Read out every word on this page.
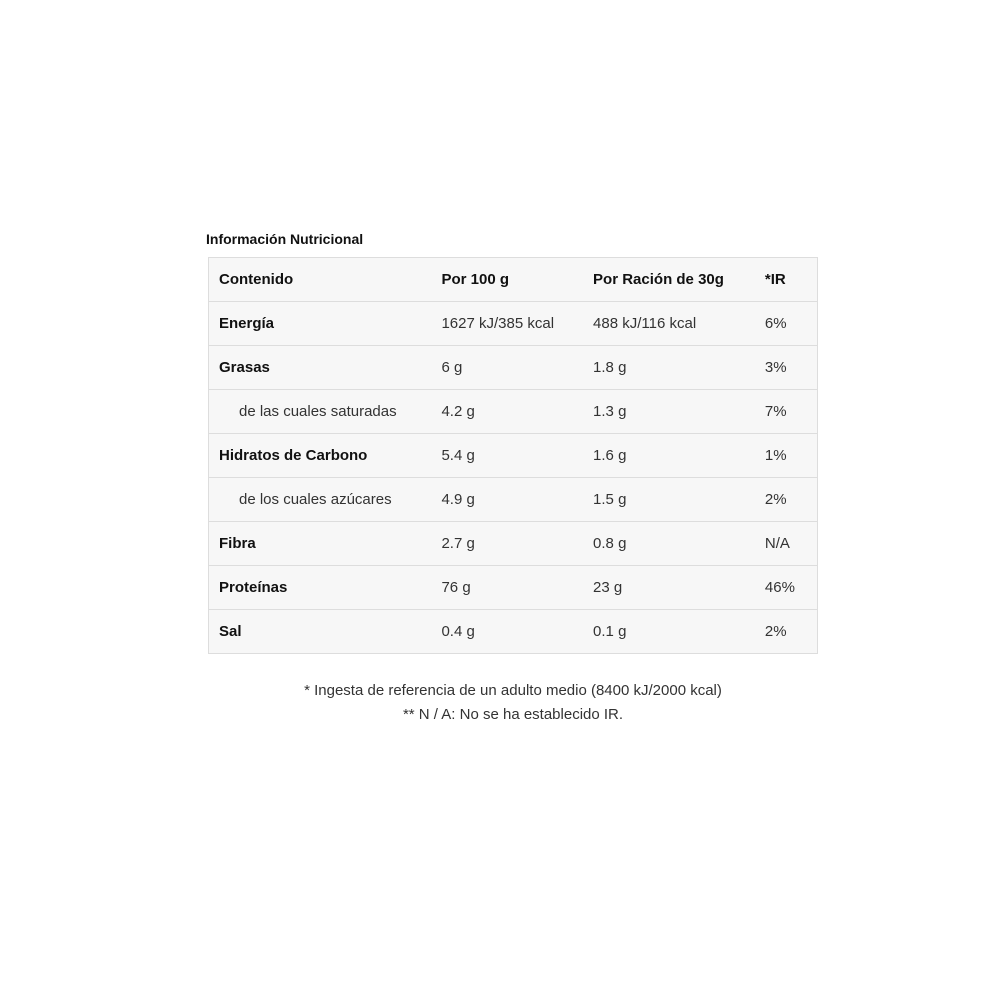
Información Nutricional
Contenido	Por 100 g	Por Ración de 30g	*IR
Energía	1627 kJ/385 kcal	488 kJ/116 kcal	6%
Grasas	6 g	1.8 g	3%
de las cuales saturadas	4.2 g	1.3 g	7%
Hidratos de Carbono	5.4 g	1.6 g	1%
de los cuales azúcares	4.9 g	1.5 g	2%
Fibra	2.7 g	0.8 g	N/A
Proteínas	76 g	23 g	46%
Sal	0.4 g	0.1 g	2%
* Ingesta de referencia de un adulto medio (8400 kJ/2000 kcal)
** N / A: No se ha establecido IR.
